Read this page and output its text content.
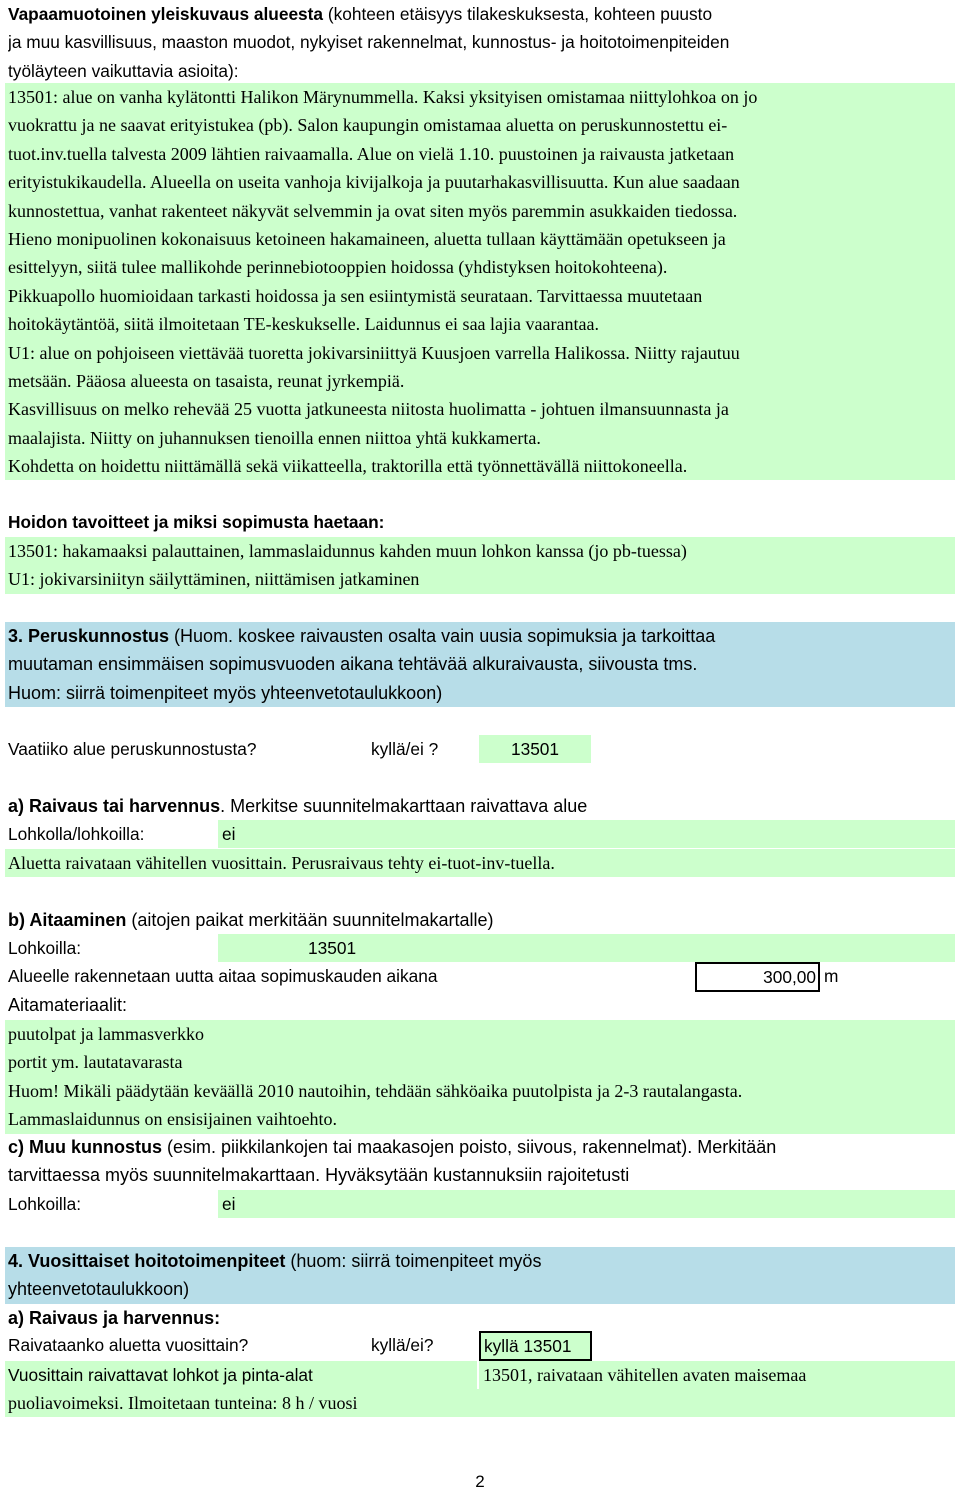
Vapaamuotoinen yleiskuvaus alueesta (kohteen etäisyys tilakeskuksesta, kohteen puusto
ja muu kasvillisuus, maaston muodot, nykyiset rakennelmat, kunnostus- ja hoitotoimenpiteiden
työläyteen vaikuttavia asioita):
13501: alue on vanha kylätontti Halikon Märynummella. Kaksi yksityisen omistamaa niittylohkoa on jo
vuokrattu ja ne saavat erityistukea (pb). Salon kaupungin omistamaa aluetta on peruskunnostettu ei-
tuot.inv.tuella talvesta 2009 lähtien raivaamalla. Alue on vielä 1.10. puustoinen ja raivausta jatketaan
erityistukikaudella. Alueella on useita vanhoja kivijalkoja ja puutarhakasvillisuutta. Kun alue saadaan
kunnostettua, vanhat rakenteet näkyvät selvemmin ja ovat siten myös paremmin asukkaiden tiedossa.
Hieno monipuolinen kokonaisuus ketoineen hakamaineen, aluetta tullaan käyttämään opetukseen ja
esittelyyn, siitä tulee mallikohde perinnebiotooppien hoidossa (yhdistyksen hoitokohteena).
Pikkuapollo huomioidaan tarkasti hoidossa ja sen esiintymistä seurataan. Tarvittaessa muutetaan
hoitokäytäntöä, siitä ilmoitetaan TE-keskukselle. Laidunnus ei saa lajia vaarantaa.
U1: alue on pohjoiseen viettävää tuoretta jokivarsiniittyä Kuusjoen varrella Halikossa. Niitty rajautuu
metsään. Pääosa alueesta on tasaista, reunat jyrkempiä.
Kasvillisuus on melko rehevää 25 vuotta jatkuneesta niitosta huolimatta - johtuen ilmansuunnasta ja
maalajista. Niitty on juhannuksen tienoilla ennen niittoa yhtä kukkamerta.
Kohdetta on hoidettu niittämällä sekä viikatteella, traktorilla että työnnettävällä niittokoneella.
Hoidon tavoitteet ja miksi sopimusta haetaan:
13501: hakamaaksi palauttainen, lammaslaidunnus kahden muun lohkon kanssa (jo pb-tuessa)
U1: jokivarsiniityn säilyttäminen, niittämisen jatkaminen
3. Peruskunnostus (Huom. koskee raivausten osalta vain uusia sopimuksia ja tarkoittaa
muutaman ensimmäisen sopimusvuoden aikana tehtävää alkuraivausta, siivousta tms.
Huom: siirrä toimenpiteet myös yhteenvetotaulukkoon)
Vaatiiko alue peruskunnostusta?	kyllä/ei ?	13501
a) Raivaus tai harvennus. Merkitse suunnitelmakarttaan raivattava alue
Lohkolla/lohkoilla:	ei
Aluetta raivataan vähitellen vuosittain. Perusraivaus tehty ei-tuot-inv-tuella.
b) Aitaaminen (aitojen paikat merkitään suunnitelmakartalle)
Lohkoilla:	13501
Alueelle rakennetaan uutta aitaa sopimuskauden aikana	300,00 m
Aitamateriaalit:
puutolpat ja lammasverkko
portit ym. lautatavarasta
Huom! Mikäli päädytään keväällä 2010 nautoihin, tehdään sähköaika puutolpista ja 2-3 rautalangasta.
Lammaslaidunnus on ensisijainen vaihtoehto.
c) Muu kunnostus (esim. piikkilankojen tai maakasojen poisto, siivous, rakennelmat). Merkitään
tarvittaessa myös suunnitelmakarttaan. Hyväksytään kustannuksiin rajoitetusti
Lohkoilla:	ei
4. Vuosittaiset hoitotoimenpiteet (huom: siirrä toimenpiteet myös
yhteenvetotaulukkoon)
a) Raivaus ja harvennus:
Raivataanko aluetta vuosittain?	kyllä/ei?	kyllä 13501
Vuosittain raivattavat lohkot ja pinta-alat	13501, raivataan vähitellen avaten maisemaa
puoliavoimeksi. Ilmoitetaan tunteina: 8 h / vuosi
2
